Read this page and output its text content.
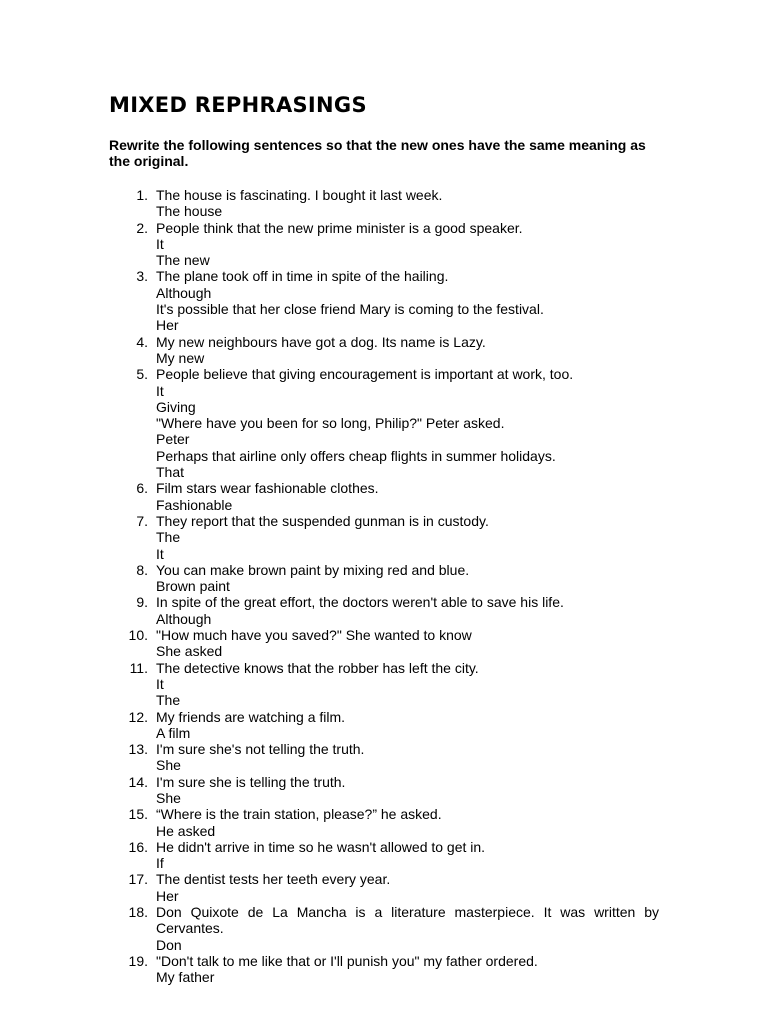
MIXED REPHRASINGS

Rewrite the following sentences so that the new ones have the same meaning as the original.

1. The house is fascinating. I bought it last week.
The house
2. People think that the new prime minister is a good speaker.
It
The new
3. The plane took off in time in spite of the hailing.
Although
It's possible that her close friend Mary is coming to the festival.
Her
4. My new neighbours have got a dog. Its name is Lazy.
My new
5. People believe that giving encouragement is important at work, too.
It
Giving
"Where have you been for so long, Philip?" Peter asked.
Peter
Perhaps that airline only offers cheap flights in summer holidays.
That
6. Film stars wear fashionable clothes.
Fashionable
7. They report that the suspended gunman is in custody.
The
It
8. You can make brown paint by mixing red and blue.
Brown paint
9. In spite of the great effort, the doctors weren't able to save his life.
Although
10. "How much have you saved?" She wanted to know
She asked
11. The detective knows that the robber has left the city.
It
The
12. My friends are watching a film.
A film
13. I'm sure she's not telling the truth.
She
14. I'm sure she is telling the truth.
She
15. “Where is the train station, please?” he asked.
He asked
16. He didn't arrive in time so he wasn't allowed to get in.
If
17. The dentist tests her teeth every year.
Her
18. Don Quixote de La Mancha is a literature masterpiece. It was written by Cervantes.
Don
19. "Don't talk to me like that or I'll punish you" my father ordered.
My father
